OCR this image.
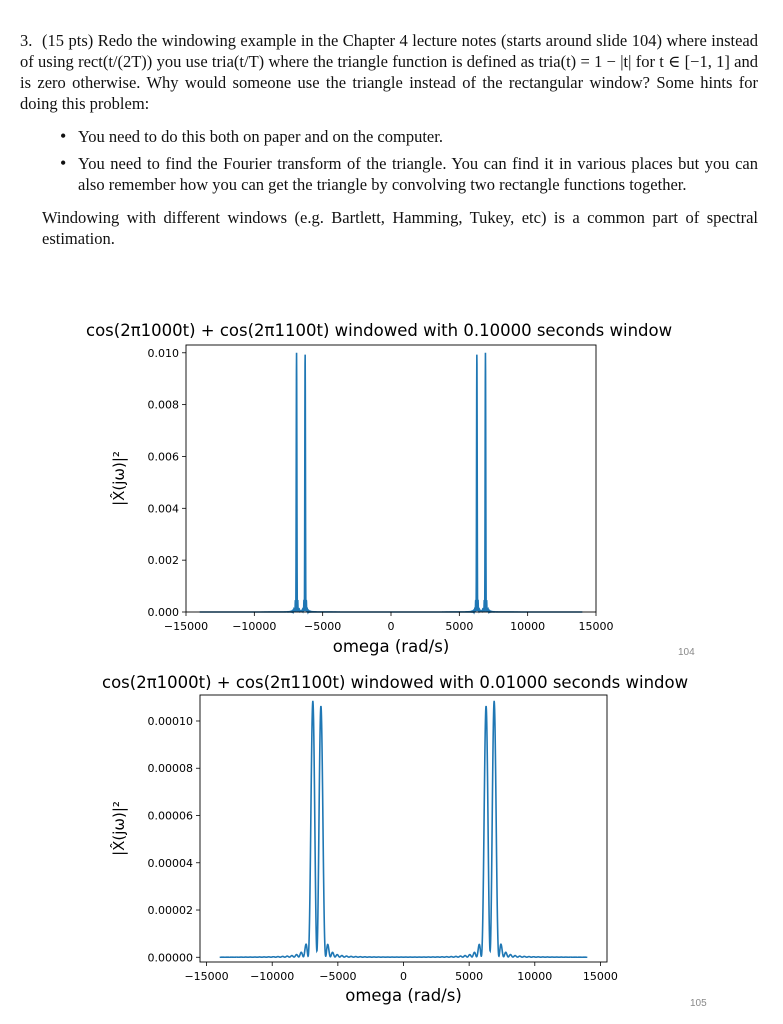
3. (15 pts) Redo the windowing example in the Chapter 4 lecture notes (starts around slide 104) where instead of using rect(t/(2T)) you use tria(t/T) where the triangle function is defined as tria(t) = 1 − |t| for t ∈ [−1, 1] and is zero otherwise. Why would someone use the triangle instead of the rectangular window? Some hints for doing this problem:

• You need to do this both on paper and on the computer.
• You need to find the Fourier transform of the triangle. You can find it in various places but you can also remember how you can get the triangle by convolving two rectangle functions together.

Windowing with different windows (e.g. Bartlett, Hamming, Tukey, etc) is a common part of spectral estimation.

cos(2π1000t) + cos(2π1100t) windowed with 0.10000 seconds window
−15000 −10000	−5000	0	5000	10000	15000
0.000
0.002
0.004
0.006
0.008
0.010
omega (rad/s)
|X̂(jω)|²
104
cos(2π1000t) + cos(2π1100t) windowed with 0.01000 seconds window
−15000 −10000 −5000	0	5000	10000	15000
0.00000
0.00002
0.00004
0.00006
0.00008
0.00010
omega (rad/s)
|X̂(jω)|²
105
